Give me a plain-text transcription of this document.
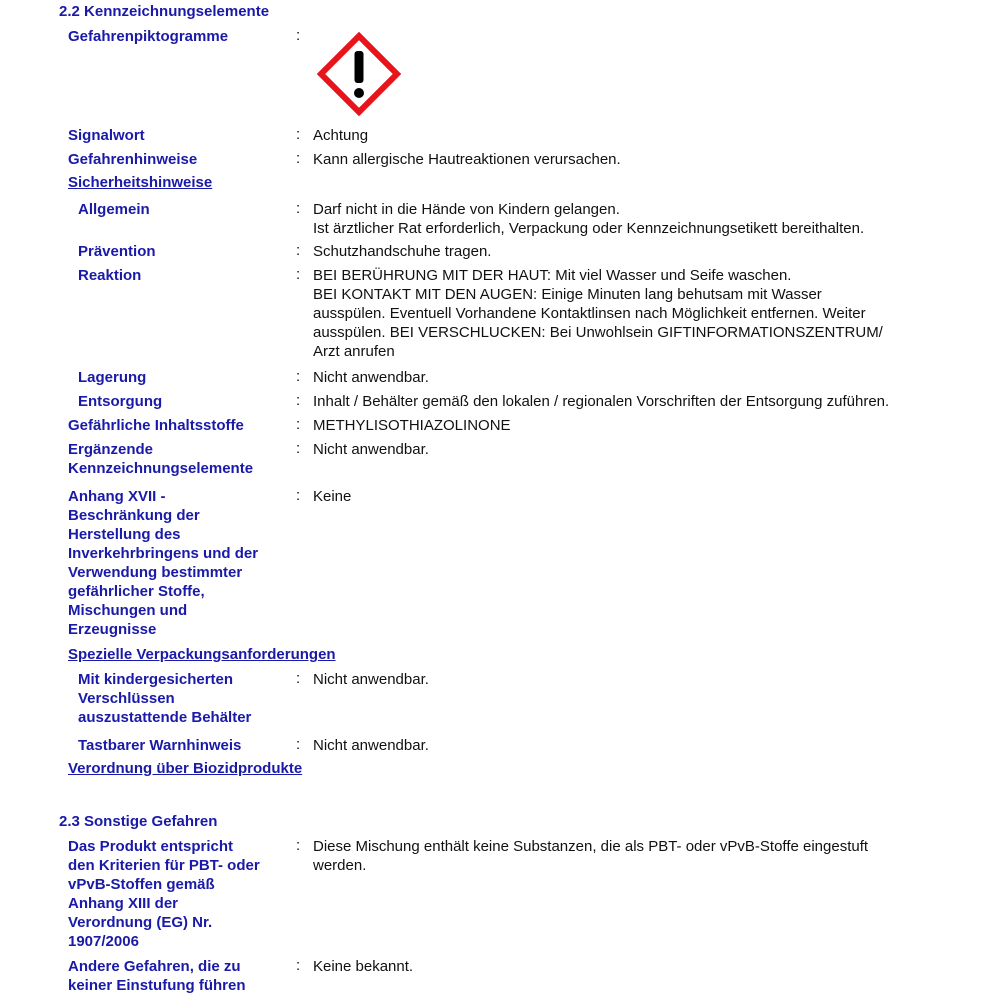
2.2 Kennzeichnungselemente
Gefahrenpiktogramme	:
Signalwort	: Achtung
Gefahrenhinweise	: Kann allergische Hautreaktionen verursachen.
Sicherheitshinweise
Allgemein	: Darf nicht in die Hände von Kindern gelangen.
Ist ärztlicher Rat erforderlich, Verpackung oder Kennzeichnungsetikett bereithalten.
Prävention	: Schutzhandschuhe tragen.
Reaktion	: BEI BERÜHRUNG MIT DER HAUT: Mit viel Wasser und Seife waschen.
BEI KONTAKT MIT DEN AUGEN: Einige Minuten lang behutsam mit Wasser
ausspülen. Eventuell Vorhandene Kontaktlinsen nach Möglichkeit entfernen. Weiter
ausspülen. BEI VERSCHLUCKEN: Bei Unwohlsein GIFTINFORMATIONSZENTRUM/
Arzt anrufen
Lagerung	: Nicht anwendbar.
Entsorgung	: Inhalt / Behälter gemäß den lokalen / regionalen Vorschriften der Entsorgung zuführen.
Gefährliche Inhaltsstoffe	: METHYLISOTHIAZOLINONE
Ergänzende
Kennzeichnungselemente
: Nicht anwendbar.
Anhang XVII -
Beschränkung der
Herstellung des
Inverkehrbringens und der
Verwendung bestimmter
gefährlicher Stoffe,
Mischungen und
Erzeugnisse
: Keine
Spezielle Verpackungsanforderungen
Mit kindergesicherten
Verschlüssen
auszustattende Behälter
: Nicht anwendbar.
Tastbarer Warnhinweis	: Nicht anwendbar.
Verordnung über Biozidprodukte
2.3 Sonstige Gefahren
Das Produkt entspricht
den Kriterien für PBT- oder
vPvB-Stoffen gemäß
Anhang XIII der
Verordnung (EG) Nr.
1907/2006
: Diese Mischung enthält keine Substanzen, die als PBT- oder vPvB-Stoffe eingestuft
werden.
Andere Gefahren, die zu
keiner Einstufung führen
: Keine bekannt.
